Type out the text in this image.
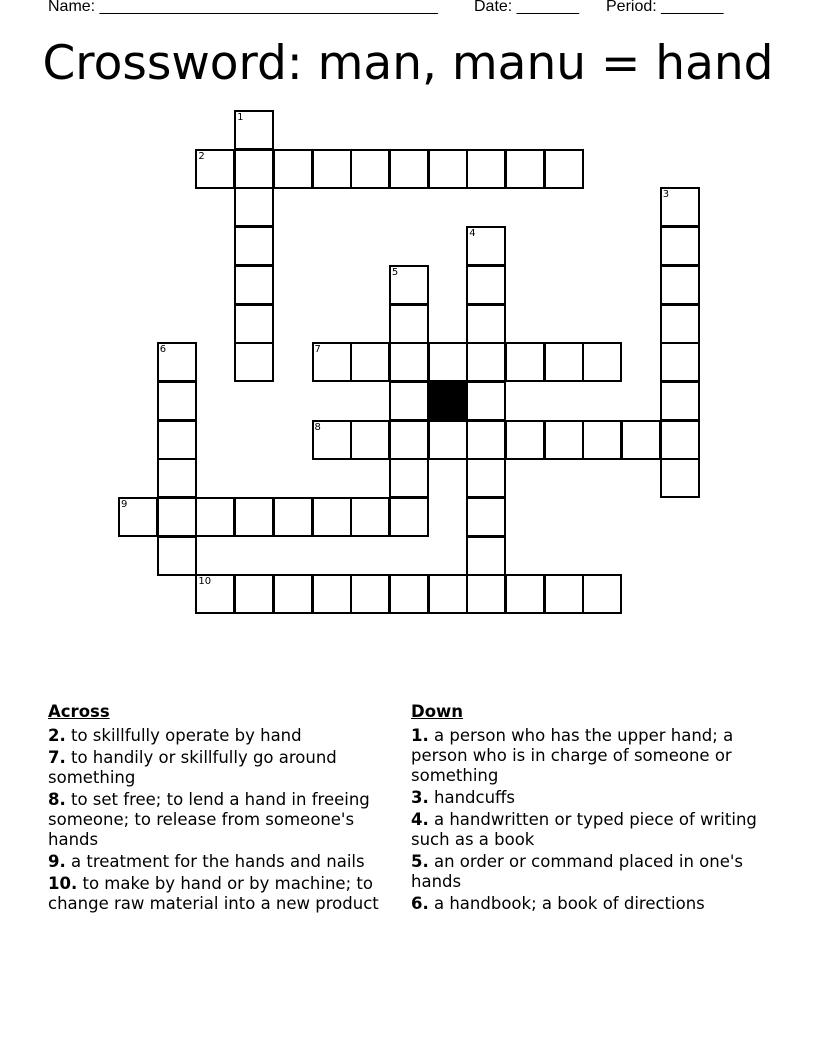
Name: ______________________________________ Date: _______ Period: _______
Crossword: man, manu = hand
1
2
3
4
5
6	7
8
9
10
Across
2. to skillfully operate by hand
7. to handily or skillfully go around something
8. to set free; to lend a hand in freeing someone; to release from someone's hands
9. a treatment for the hands and nails
10. to make by hand or by machine; to change raw material into a new product
Down
1. a person who has the upper hand; a person who is in charge of someone or something
3. handcuffs
4. a handwritten or typed piece of writing such as a book
5. an order or command placed in one's hands
6. a handbook; a book of directions
